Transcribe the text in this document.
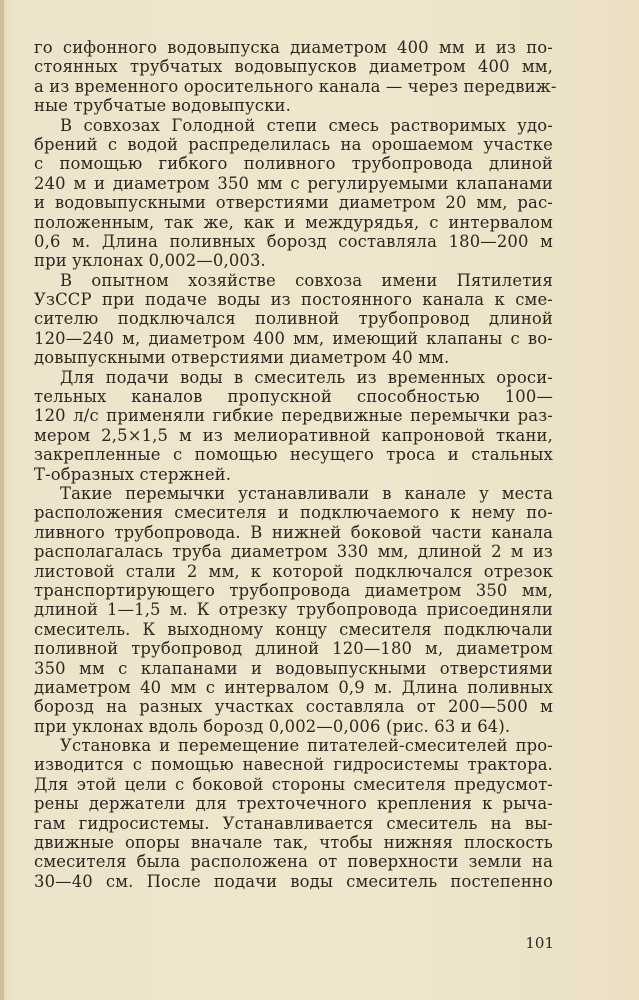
го сифонного водовыпуска диаметром 400 мм и из по-
стоянных трубчатых водовыпусков диаметром 400 мм,
а из временного оросительного канала — через передвиж-
ные трубчатые водовыпуски.
В совхозах Голодной степи смесь растворимых удо-
брений с водой распределилась на орошаемом участке
с помощью гибкого поливного трубопровода длиной
240 м и диаметром 350 мм с регулируемыми клапанами
и водовыпускными отверстиями диаметром 20 мм, рас-
положенным, так же, как и междурядья, с интервалом
0,6 м. Длина поливных борозд составляла 180—200 м
при уклонах 0,002—0,003.
В опытном хозяйстве совхоза имени Пятилетия
УзССР при подаче воды из постоянного канала к сме-
сителю подключался поливной трубопровод длиной
120—240 м, диаметром 400 мм, имеющий клапаны с во-
довыпускными отверстиями диаметром 40 мм.
Для подачи воды в смеситель из временных ороси-
тельных каналов пропускной способностью 100—
120 л/с применяли гибкие передвижные перемычки раз-
мером 2,5×1,5 м из мелиоративной капроновой ткани,
закрепленные с помощью несущего троса и стальных
Т-образных стержней.
Такие перемычки устанавливали в канале у места
расположения смесителя и подключаемого к нему по-
ливного трубопровода. В нижней боковой части канала
располагалась труба диаметром 330 мм, длиной 2 м из
листовой стали 2 мм, к которой подключался отрезок
транспортирующего трубопровода диаметром 350 мм,
длиной 1—1,5 м. К отрезку трубопровода присоединяли
смеситель. К выходному концу смесителя подключали
поливной трубопровод длиной 120—180 м, диаметром
350 мм с клапанами и водовыпускными отверстиями
диаметром 40 мм с интервалом 0,9 м. Длина поливных
борозд на разных участках составляла от 200—500 м
при уклонах вдоль борозд 0,002—0,006 (рис. 63 и 64).
Установка и перемещение питателей-смесителей про-
изводится с помощью навесной гидросистемы трактора.
Для этой цели с боковой стороны смесителя предусмот-
рены держатели для трехточечного крепления к рыча-
гам гидросистемы. Устанавливается смеситель на вы-
движные опоры вначале так, чтобы нижняя плоскость
смесителя была расположена от поверхности земли на
30—40 см. После подачи воды смеситель постепенно
101
